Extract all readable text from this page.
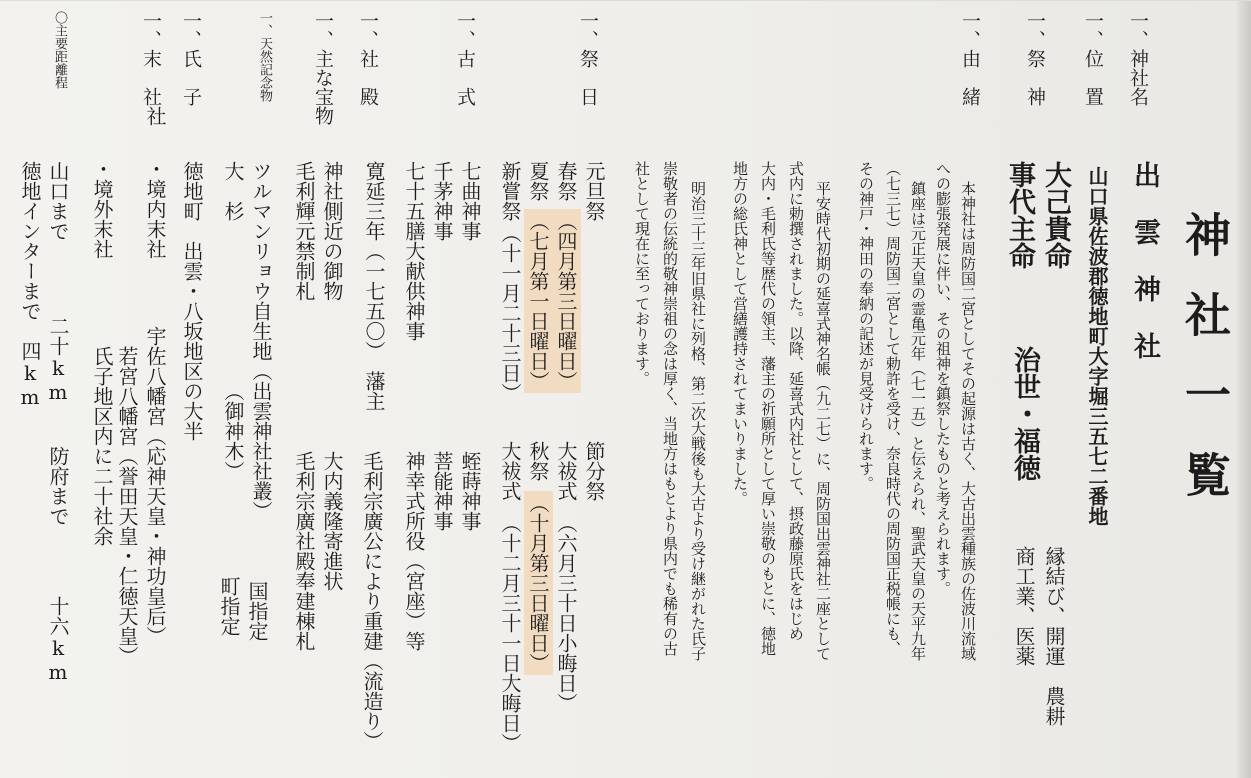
神社一覧
一、神社名
一、位　置
一、祭　神
一、由　緒
一、祭　日
一、古　式
一、社　殿
一、主な宝物
一、天然記念物
一、氏　子
一、末　社
〇主要距離程
出雲神社
山口県佐波郡徳地町大字堀三五七二番地
大己貴命
事代主命
治世・福徳
縁結び、開運　農耕
商工業、医薬
本神社は周防国二宮としてその起源は古く、大古出雲種族の佐波川流域
への膨張発展に伴い、その祖神を鎮祭したものと考えられます。
鎮座は元正天皇の霊亀元年（七一五）と伝えられ、聖武天皇の天平九年
（七三七）周防国二宮として勅許を受け、奈良時代の周防国正税帳にも、
その神戸・神田の奉納の記述が見受けられます。
平安時代初期の延喜式神名帳（九二七）に、周防国出雲神社二座として
式内に勅撰されました。以降、延喜式内社として、摂政藤原氏をはじめ
大内・毛利氏等歴代の領主、藩主の祈願所として厚い崇敬のもとに、徳地
地方の総氏神として営繕護持されてまいりました。
明治三十三年旧県社に列格、第二次大戦後も大古より受け継がれた氏子
崇敬者の伝統的敬神崇祖の念は厚く、当地方はもとより県内でも稀有の古
社として現在に至っております。
元旦祭
春祭
（四月第三日曜日）
夏祭
（七月第一日曜日）
新嘗祭
（十一月二十三日）
節分祭
大祓式
（六月三十日小晦日）
秋祭
（十月第三日曜日）
大祓式
（十二月三十一日大晦日）
七曲神事
千茅神事
七十五膳大献供神事
蛭蒔神事
菩能神事
神幸式所役（宮座）等
寛延三年（一七五〇）　藩主
毛利宗廣公により重建（流造り）
神社側近の御物
毛利輝元禁制札
大内義隆寄進状
毛利宗廣社殿奉建棟札
ツルマンリョウ自生地（出雲神社社叢）
大　杉
（御神木）
国指定
町指定
徳地町　出雲・八坂地区の大半
社
・境内末社
宇佐八幡宮（応神天皇・神功皇后）
若宮八幡宮（誉田天皇・仁徳天皇）
・境外末社
氏子地区内に二十社余
山口まで
二十km
徳地インターまで
四km
防府まで
十六km
